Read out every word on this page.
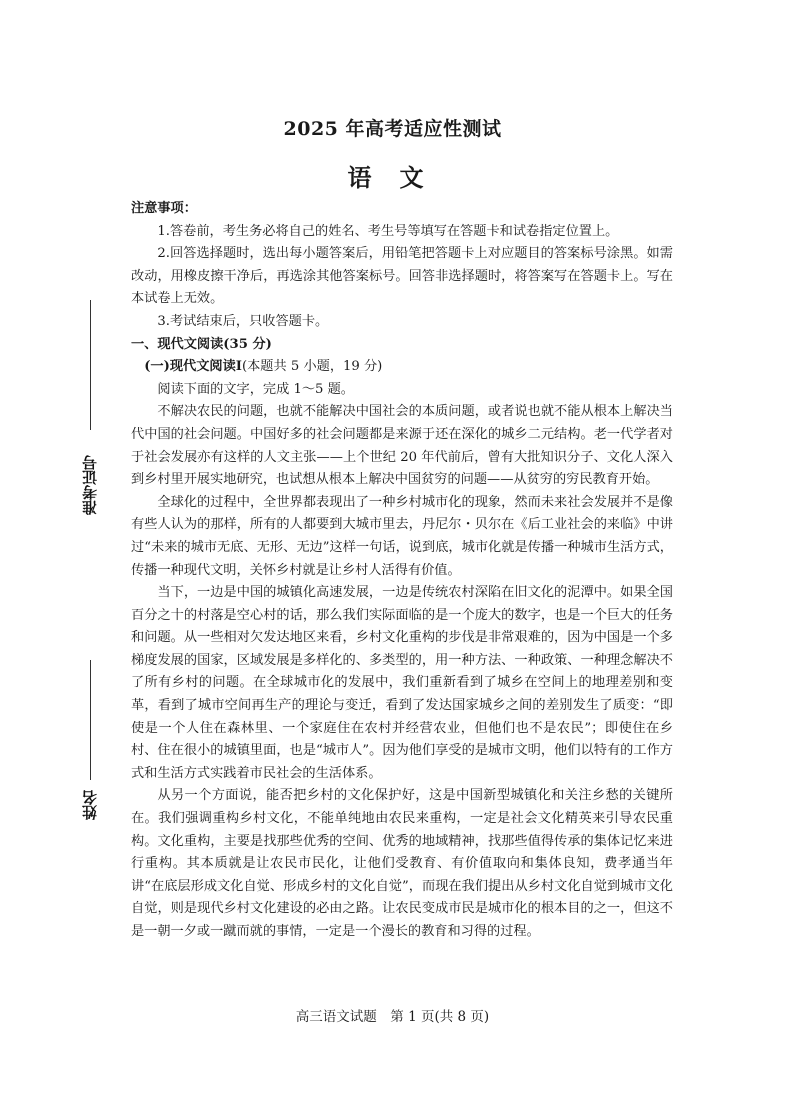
准考证号
姓名
2025 年高考适应性测试
语文

注意事项：

1.答卷前，考生务必将自己的姓名、考生号等填写在答题卡和试卷指定位置上。

2.回答选择题时，选出每小题答案后，用铅笔把答题卡上对应题目的答案标号涂黑。如需改动，用橡皮擦干净后，再选涂其他答案标号。回答非选择题时，将答案写在答题卡上。写在本试卷上无效。

3.考试结束后，只收答题卡。

一、现代文阅读(35 分)

(一)现代文阅读Ⅰ(本题共 5 小题，19 分)

阅读下面的文字，完成 1～5 题。

不解决农民的问题，也就不能解决中国社会的本质问题，或者说也就不能从根本上解决当代中国的社会问题。中国好多的社会问题都是来源于还在深化的城乡二元结构。老一代学者对于社会发展亦有这样的人文主张——上个世纪 20 年代前后，曾有大批知识分子、文化人深入到乡村里开展实地研究，也试想从根本上解决中国贫穷的问题——从贫穷的穷民教育开始。

全球化的过程中，全世界都表现出了一种乡村城市化的现象，然而未来社会发展并不是像有些人认为的那样，所有的人都要到大城市里去，丹尼尔・贝尔在《后工业社会的来临》中讲过“未来的城市无底、无形、无边”这样一句话，说到底，城市化就是传播一种城市生活方式，传播一种现代文明，关怀乡村就是让乡村人活得有价值。

当下，一边是中国的城镇化高速发展，一边是传统农村深陷在旧文化的泥潭中。如果全国百分之十的村落是空心村的话，那么我们实际面临的是一个庞大的数字，也是一个巨大的任务和问题。从一些相对欠发达地区来看，乡村文化重构的步伐是非常艰难的，因为中国是一个多梯度发展的国家，区域发展是多样化的、多类型的，用一种方法、一种政策、一种理念解决不了所有乡村的问题。在全球城市化的发展中，我们重新看到了城乡在空间上的地理差别和变革，看到了城市空间再生产的理论与变迁，看到了发达国家城乡之间的差别发生了质变：“即使是一个人住在森林里、一个家庭住在农村并经营农业，但他们也不是农民”；即使住在乡村、住在很小的城镇里面，也是“城市人”。因为他们享受的是城市文明，他们以特有的工作方式和生活方式实践着市民社会的生活体系。

从另一个方面说，能否把乡村的文化保护好，这是中国新型城镇化和关注乡愁的关键所在。我们强调重构乡村文化，不能单纯地由农民来重构，一定是社会文化精英来引导农民重构。文化重构，主要是找那些优秀的空间、优秀的地域精神，找那些值得传承的集体记忆来进行重构。其本质就是让农民市民化，让他们受教育、有价值取向和集体良知，费孝通当年讲“在底层形成文化自觉、形成乡村的文化自觉”，而现在我们提出从乡村文化自觉到城市文化自觉，则是现代乡村文化建设的必由之路。让农民变成市民是城市化的根本目的之一，但这不是一朝一夕或一蹴而就的事情，一定是一个漫长的教育和习得的过程。

高三语文试题　第 1 页(共 8 页)
